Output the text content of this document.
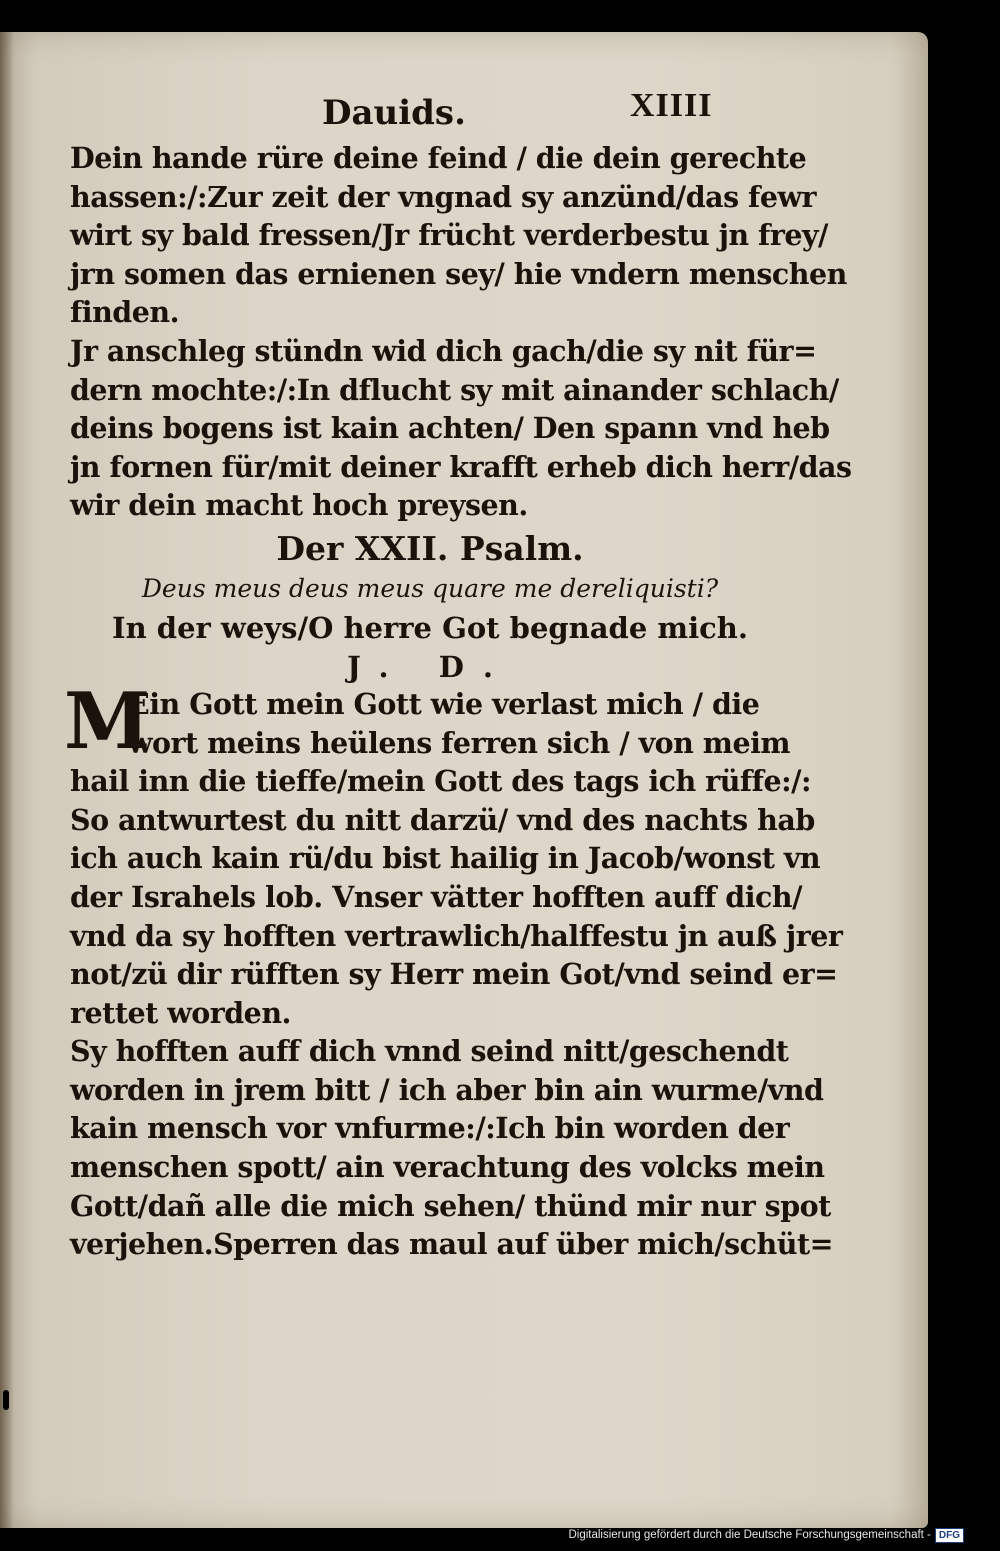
Dauids.	XIIII
Dein hande rüre deine feind / die dein gerechte
hassen:/:Zur zeit der vngnad sy anzünd/das fewr
wirt sy bald fressen/Jr frücht verderbestu jn frey/
jrn somen das ernienen sey/ hie vndern menschen
finden.
Jr anschleg stündn wid dich gach/die sy nit für=
dern mochte:/:In dflucht sy mit ainander schlach/
deins bogens ist kain achten/ Den spann vnd heb
jn fornen für/mit deiner krafft erheb dich herr/das
wir dein macht hoch preysen.
Der XXII. Psalm.
Deus meus deus meus quare me dereliquisti?
In der weys/O herre Got begnade mich.
J. D.
M
Ein Gott mein Gott wie verlast mich / die
wort meins heülens ferren sich / von meim
hail inn die tieffe/mein Gott des tags ich rüffe:/:
So antwurtest du nitt darzü/ vnd des nachts hab
ich auch kain rü/du bist hailig in Jacob/wonst vn
der Israhels lob. Vnser vätter hofften auff dich/
vnd da sy hofften vertrawlich/halffestu jn auß jrer
not/zü dir rüfften sy Herr mein Got/vnd seind er=
rettet worden.
Sy hofften auff dich vnnd seind nitt/geschendt
worden in jrem bitt / ich aber bin ain wurme/vnd
kain mensch vor vnfurme:/:Ich bin worden der
menschen spott/ ain verachtung des volcks mein
Gott/dañ alle die mich sehen/ thünd mir nur spot
verjehen.Sperren das maul auf über mich/schüt=
Digitalisierung gefördert durch die Deutsche Forschungsgemeinschaft - DFG
